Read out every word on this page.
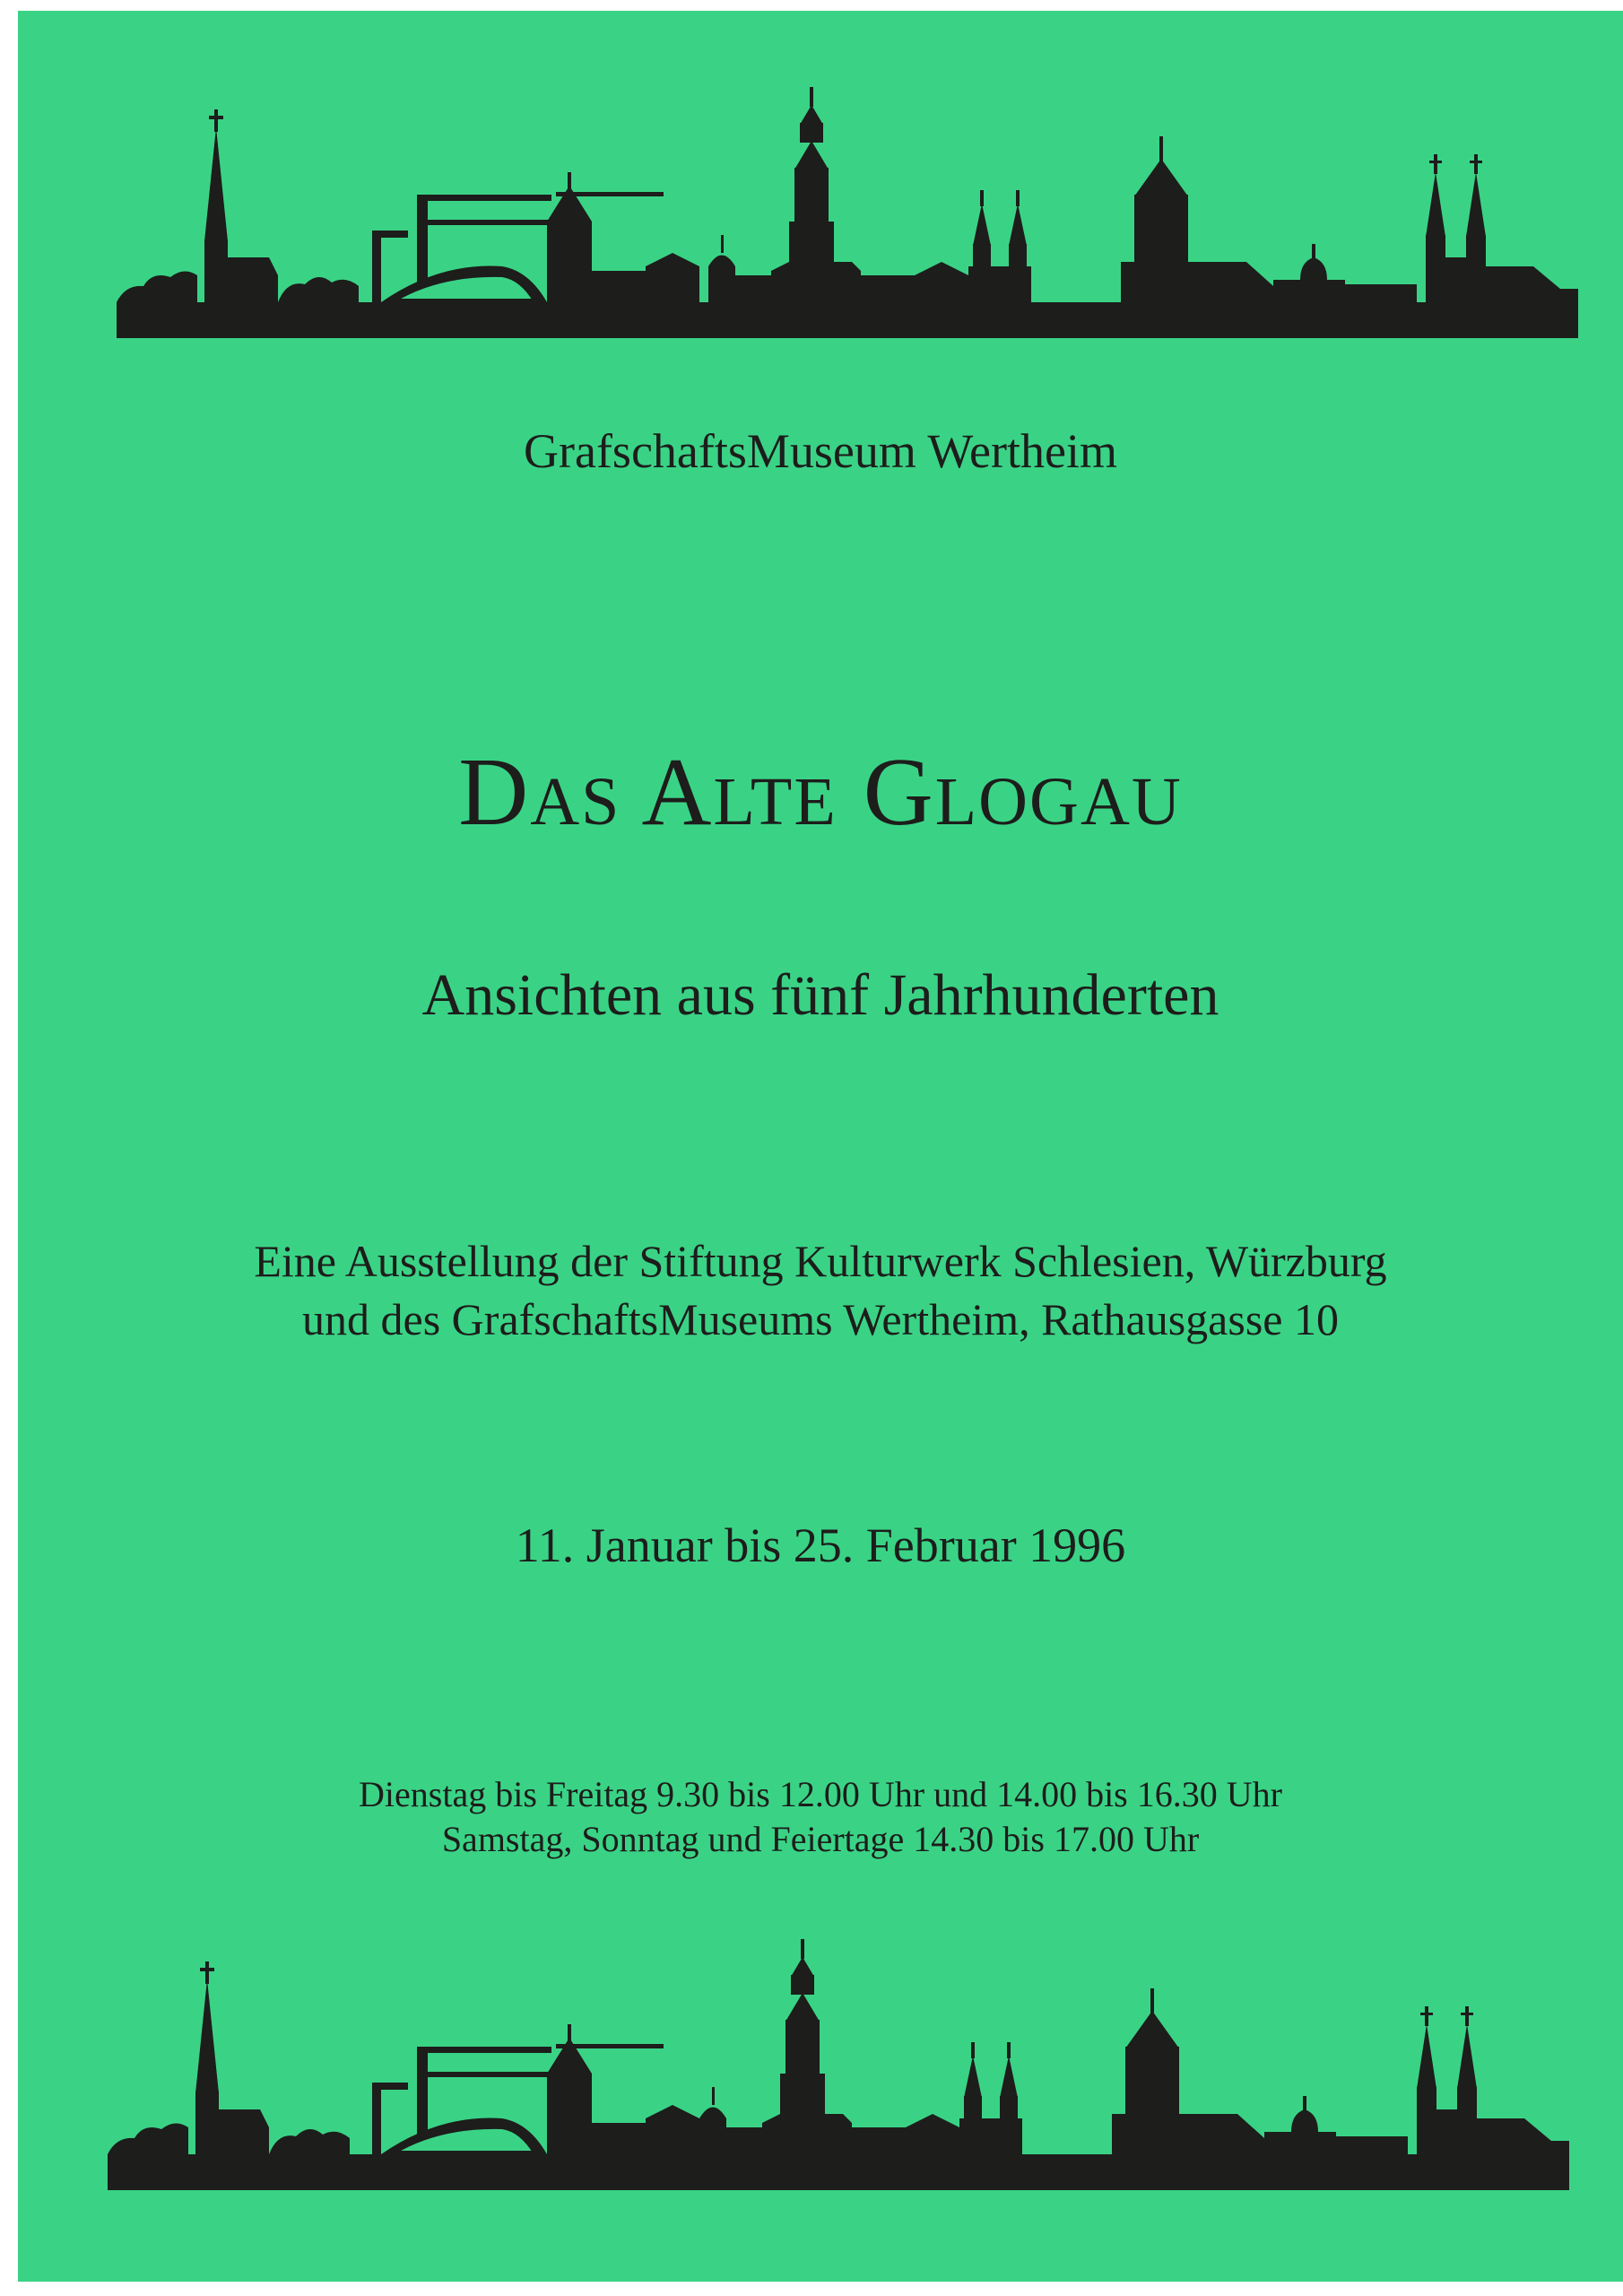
GrafschaftsMuseum Wertheim
Das Alte Glogau
Ansichten aus fünf Jahrhunderten
Eine Ausstellung der Stiftung Kulturwerk Schlesien, Würzburg
und des GrafschaftsMuseums Wertheim, Rathausgasse 10
11. Januar bis 25. Februar 1996
Dienstag bis Freitag 9.30 bis 12.00 Uhr und 14.00 bis 16.30 Uhr
Samstag, Sonntag und Feiertage 14.30 bis 17.00 Uhr
